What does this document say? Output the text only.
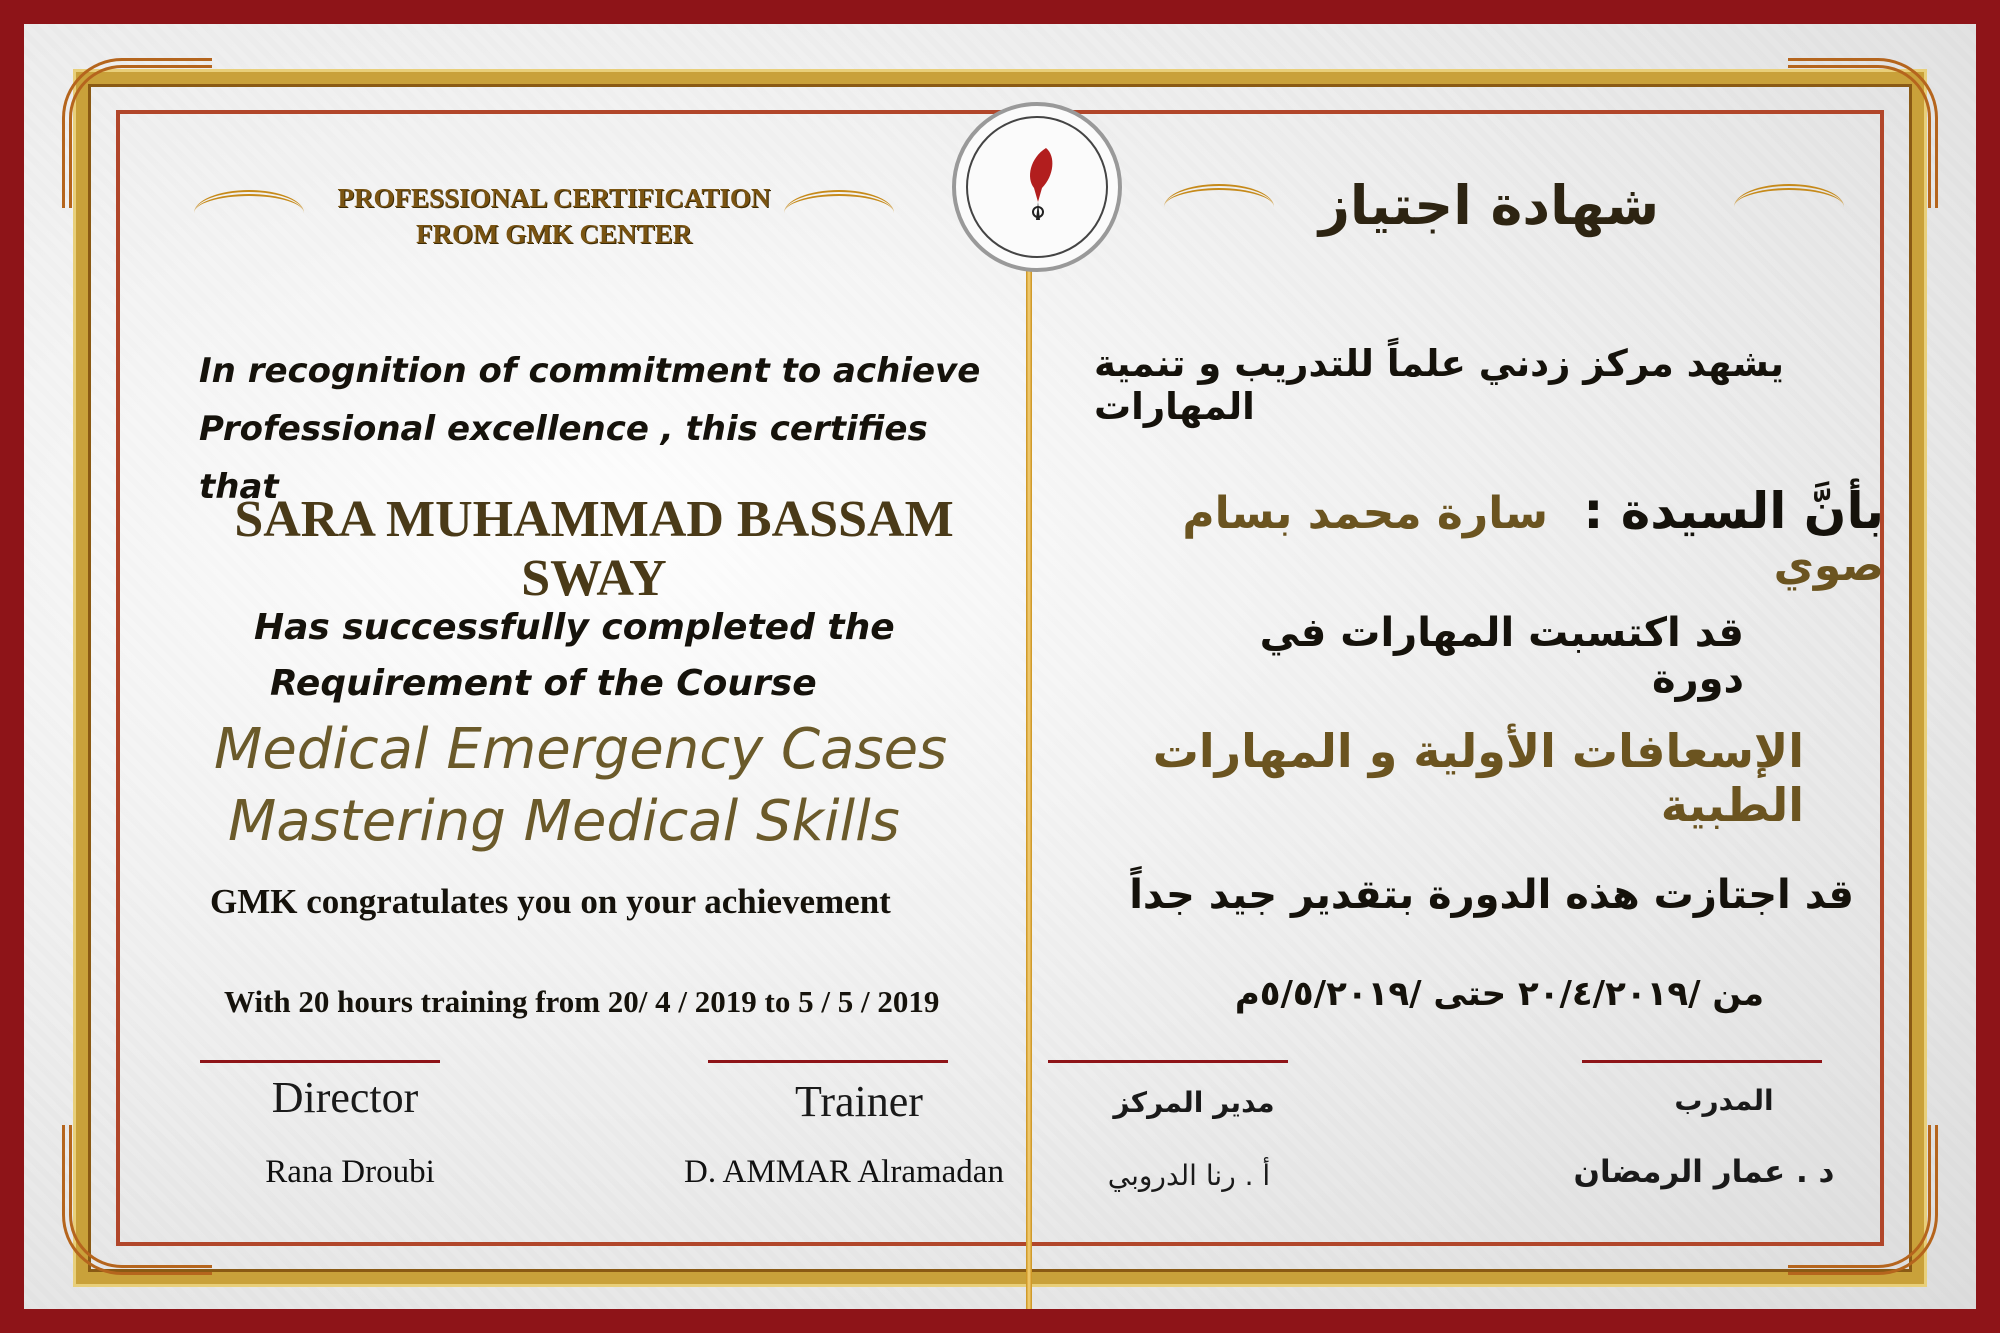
PROFESSIONAL CERTIFICATION
FROM GMK CENTER	شهادة اجتياز
In recognition of commitment to achieve
Professional excellence , this certifies that
SARA MUHAMMAD BASSAM SWAY
Has successfully completed the
Requirement of the Course
Medical Emergency Cases
Mastering Medical Skills
GMK congratulates you on your achievement
With 20 hours training from 20/ 4 / 2019 to 5 / 5 / 2019
يشهد مركز زدني علماً للتدريب و تنمية المهارات
بأنَّ السيدة : سارة محمد بسام صوي
قد اكتسبت المهارات في دورة
الإسعافات الأولية و المهارات الطبية
قد اجتازت هذه الدورة بتقدير جيد جداً
من /٢٠/٤/٢٠١٩ حتى /٥/٥/٢٠١٩م
Director
Rana Droubi
Trainer
D. AMMAR Alramadan
مدير المركز
أ . رنا الدروبي
المدرب
د . عمار الرمضان
